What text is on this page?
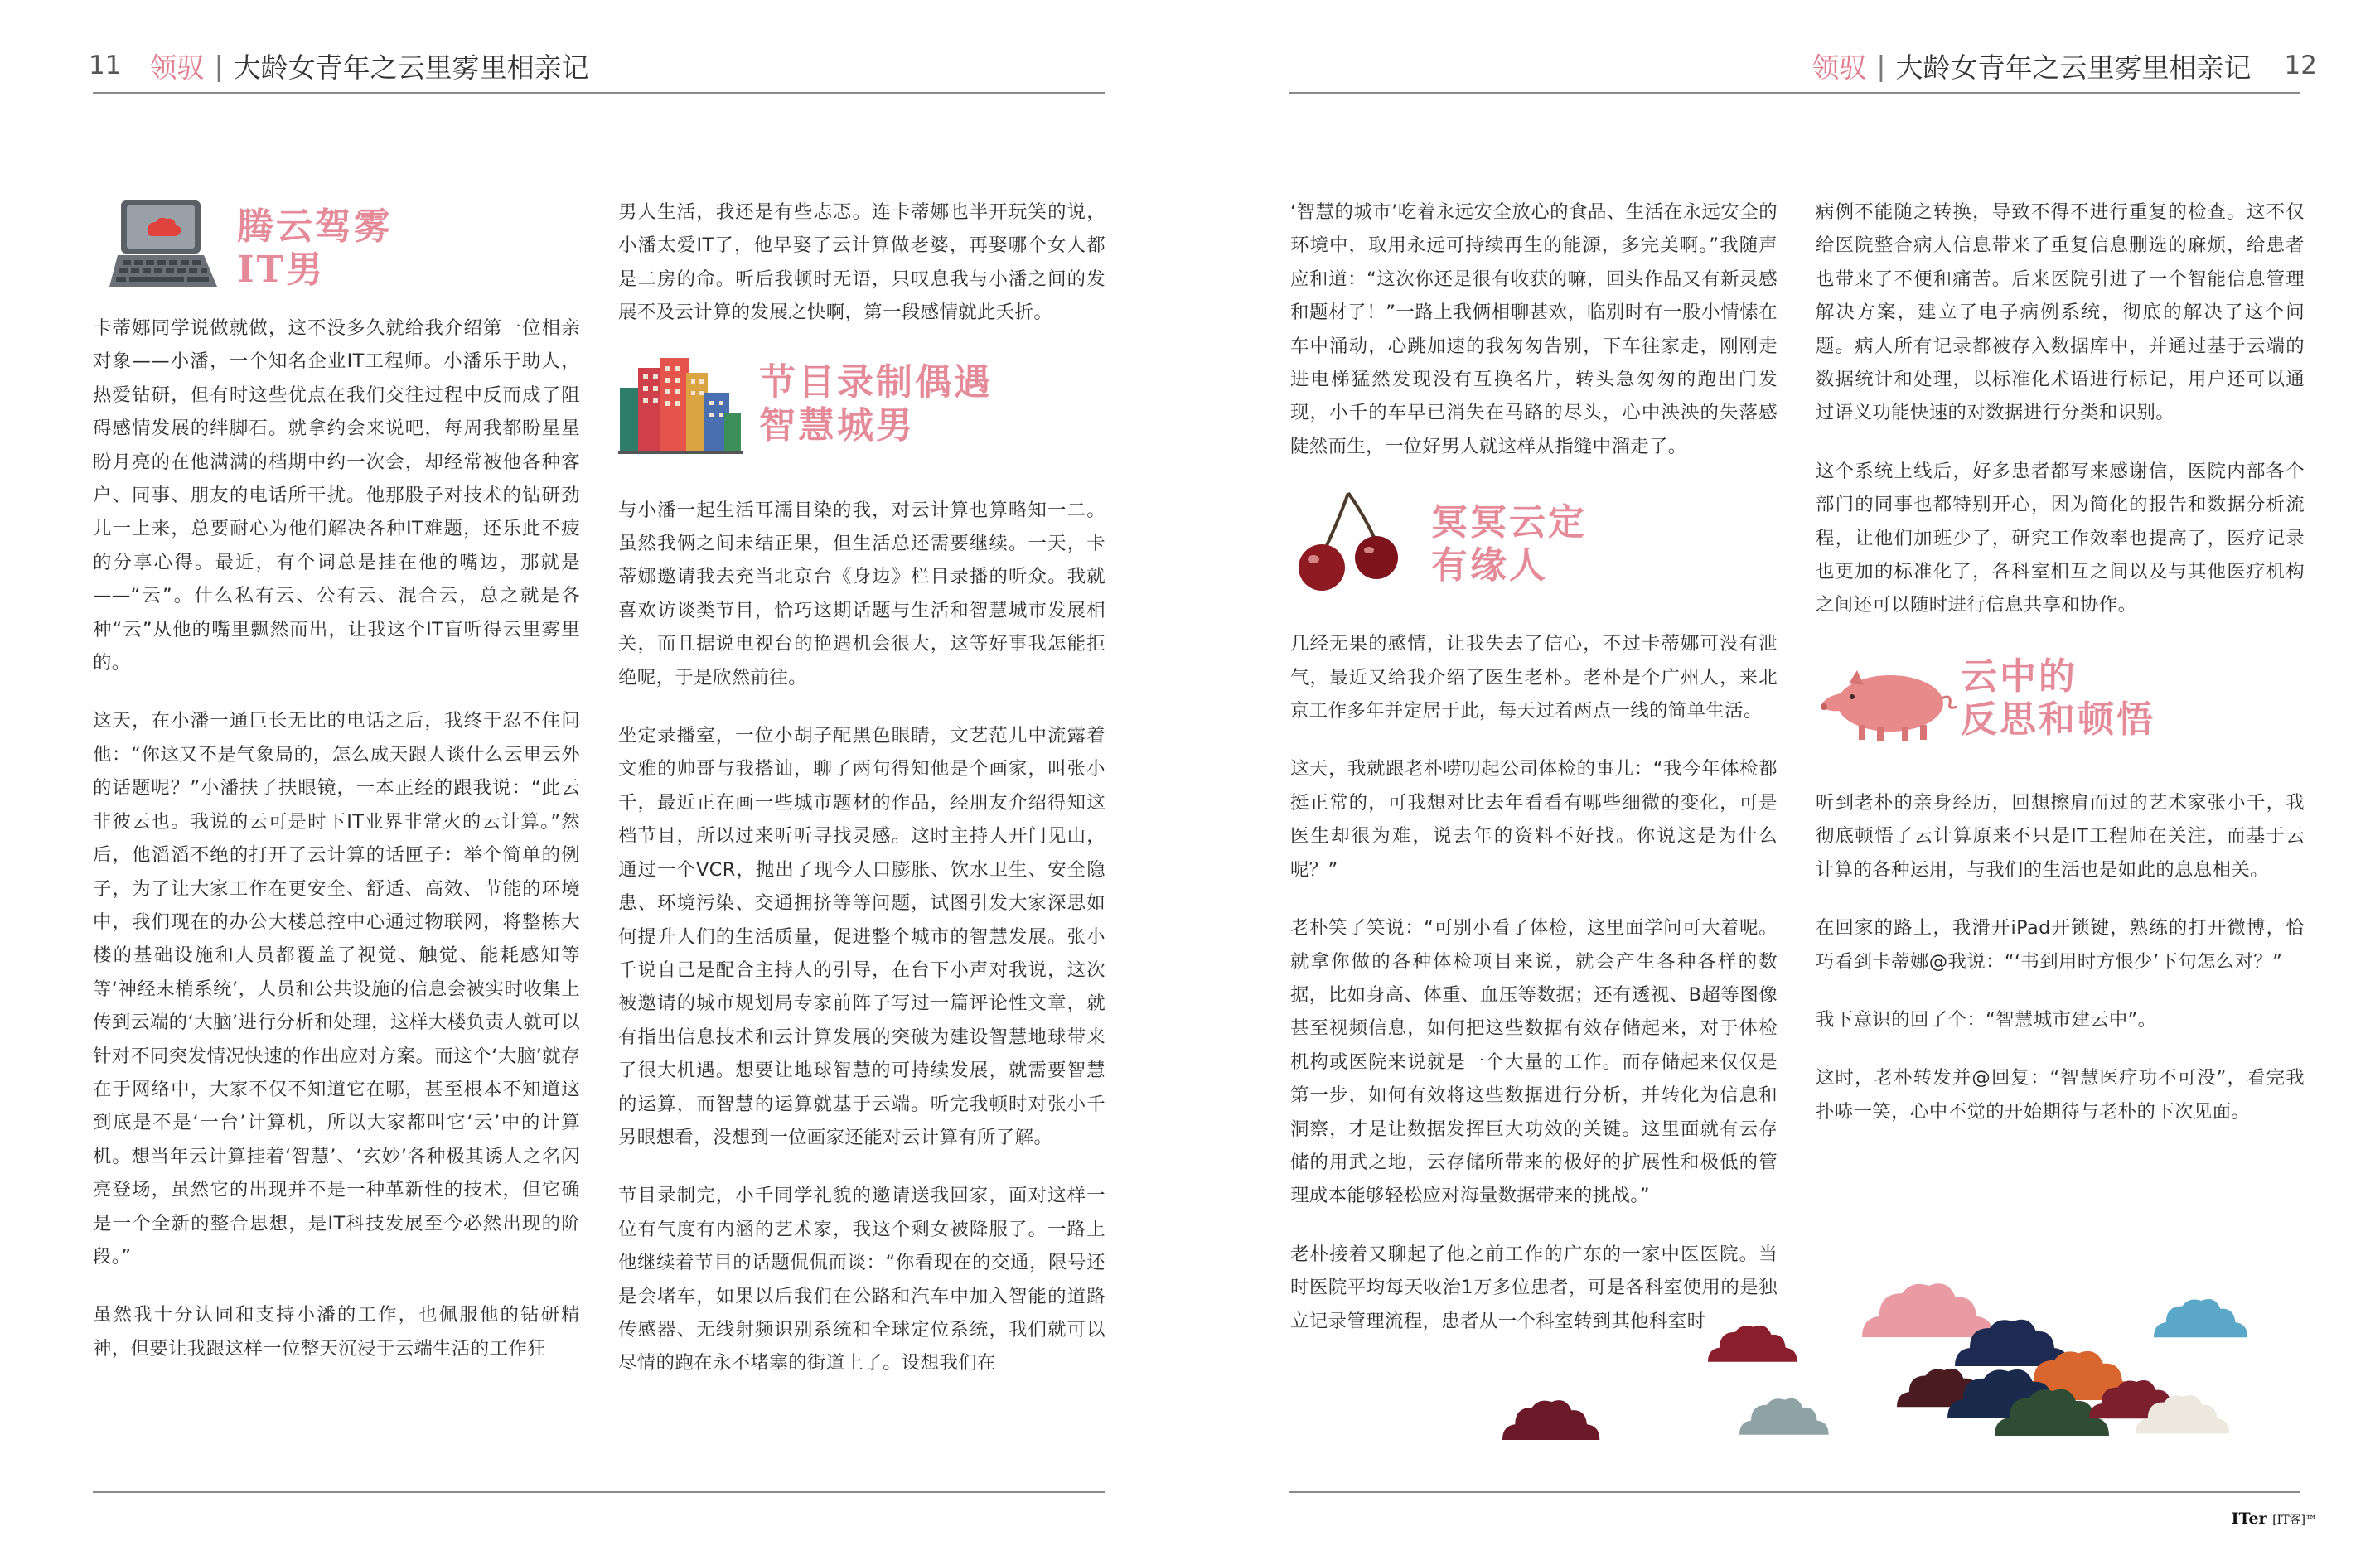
11 领驭 | 大龄女青年之云里雾里相亲记
腾云驾雾
IT男

卡蒂娜同学说做就做，这不没多久就给我介绍第一位相亲对象——小潘，一个知名企业IT工程师。小潘乐于助人，热爱钻研，但有时这些优点在我们交往过程中反而成了阻碍感情发展的绊脚石。就拿约会来说吧，每周我都盼星星盼月亮的在他满满的档期中约一次会，却经常被他各种客户、同事、朋友的电话所干扰。他那股子对技术的钻研劲儿一上来，总要耐心为他们解决各种IT难题，还乐此不疲的分享心得。最近，有个词总是挂在他的嘴边，那就是——“云”。什么私有云、公有云、混合云，总之就是各种“云”从他的嘴里飘然而出，让我这个IT盲听得云里雾里的。

这天，在小潘一通巨长无比的电话之后，我终于忍不住问他：“你这又不是气象局的，怎么成天跟人谈什么云里云外的话题呢？”小潘扶了扶眼镜，一本正经的跟我说：“此云非彼云也。我说的云可是时下IT业界非常火的云计算。”然后，他滔滔不绝的打开了云计算的话匣子：举个简单的例子，为了让大家工作在更安全、舒适、高效、节能的环境中，我们现在的办公大楼总控中心通过物联网，将整栋大楼的基础设施和人员都覆盖了视觉、触觉、能耗感知等等‘神经末梢系统’，人员和公共设施的信息会被实时收集上传到云端的‘大脑’进行分析和处理，这样大楼负责人就可以针对不同突发情况快速的作出应对方案。而这个‘大脑’就存在于网络中，大家不仅不知道它在哪，甚至根本不知道这到底是不是‘一台’计算机，所以大家都叫它‘云’中的计算机。想当年云计算挂着‘智慧’、‘玄妙’各种极其诱人之名闪亮登场，虽然它的出现并不是一种革新性的技术，但它确是一个全新的整合思想，是IT科技发展至今必然出现的阶段。”

虽然我十分认同和支持小潘的工作，也佩服他的钻研精神，但要让我跟这样一位整天沉浸于云端生活的工作狂

男人生活，我还是有些忐忑。连卡蒂娜也半开玩笑的说，小潘太爱IT了，他早娶了云计算做老婆，再娶哪个女人都是二房的命。听后我顿时无语，只叹息我与小潘之间的发展不及云计算的发展之快啊，第一段感情就此夭折。

节目录制偶遇
智慧城男

与小潘一起生活耳濡目染的我，对云计算也算略知一二。虽然我俩之间未结正果，但生活总还需要继续。一天，卡蒂娜邀请我去充当北京台《身边》栏目录播的听众。我就喜欢访谈类节目，恰巧这期话题与生活和智慧城市发展相关，而且据说电视台的艳遇机会很大，这等好事我怎能拒绝呢，于是欣然前往。

坐定录播室，一位小胡子配黑色眼睛，文艺范儿中流露着文雅的帅哥与我搭讪，聊了两句得知他是个画家，叫张小千，最近正在画一些城市题材的作品，经朋友介绍得知这档节目，所以过来听听寻找灵感。这时主持人开门见山，通过一个VCR，抛出了现今人口膨胀、饮水卫生、安全隐患、环境污染、交通拥挤等等问题，试图引发大家深思如何提升人们的生活质量，促进整个城市的智慧发展。张小千说自己是配合主持人的引导，在台下小声对我说，这次被邀请的城市规划局专家前阵子写过一篇评论性文章，就有指出信息技术和云计算发展的突破为建设智慧地球带来了很大机遇。想要让地球智慧的可持续发展，就需要智慧的运算，而智慧的运算就基于云端。听完我顿时对张小千另眼想看，没想到一位画家还能对云计算有所了解。

节目录制完，小千同学礼貌的邀请送我回家，面对这样一位有气度有内涵的艺术家，我这个剩女被降服了。一路上他继续着节目的话题侃侃而谈：“你看现在的交通，限号还是会堵车，如果以后我们在公路和汽车中加入智能的道路传感器、无线射频识别系统和全球定位系统，我们就可以尽情的跑在永不堵塞的街道上了。设想我们在

领驭 | 大龄女青年之云里雾里相亲记 12

‘智慧的城市’吃着永远安全放心的食品、生活在永远安全的环境中，取用永远可持续再生的能源，多完美啊。”我随声应和道：“这次你还是很有收获的嘛，回头作品又有新灵感和题材了！”一路上我俩相聊甚欢，临别时有一股小情愫在车中涌动，心跳加速的我匆匆告别，下车往家走，刚刚走进电梯猛然发现没有互换名片，转头急匆匆的跑出门发现，小千的车早已消失在马路的尽头，心中泱泱的失落感陡然而生，一位好男人就这样从指缝中溜走了。

冥冥云定
有缘人

几经无果的感情，让我失去了信心，不过卡蒂娜可没有泄气，最近又给我介绍了医生老朴。老朴是个广州人，来北京工作多年并定居于此，每天过着两点一线的简单生活。

这天，我就跟老朴唠叨起公司体检的事儿：“我今年体检都挺正常的，可我想对比去年看看有哪些细微的变化，可是医生却很为难，说去年的资料不好找。你说这是为什么呢？”

老朴笑了笑说：“可别小看了体检，这里面学问可大着呢。就拿你做的各种体检项目来说，就会产生各种各样的数据，比如身高、体重、血压等数据；还有透视、B超等图像甚至视频信息，如何把这些数据有效存储起来，对于体检机构或医院来说就是一个大量的工作。而存储起来仅仅是第一步，如何有效将这些数据进行分析，并转化为信息和洞察，才是让数据发挥巨大功效的关键。这里面就有云存储的用武之地，云存储所带来的极好的扩展性和极低的管理成本能够轻松应对海量数据带来的挑战。”

老朴接着又聊起了他之前工作的广东的一家中医医院。当时医院平均每天收治1万多位患者，可是各科室使用的是独立记录管理流程，患者从一个科室转到其他科室时

病例不能随之转换，导致不得不进行重复的检查。这不仅给医院整合病人信息带来了重复信息删选的麻烦，给患者也带来了不便和痛苦。后来医院引进了一个智能信息管理解决方案，建立了电子病例系统，彻底的解决了这个问题。病人所有记录都被存入数据库中，并通过基于云端的数据统计和处理，以标准化术语进行标记，用户还可以通过语义功能快速的对数据进行分类和识别。

这个系统上线后，好多患者都写来感谢信，医院内部各个部门的同事也都特别开心，因为简化的报告和数据分析流程，让他们加班少了，研究工作效率也提高了，医疗记录也更加的标准化了，各科室相互之间以及与其他医疗机构之间还可以随时进行信息共享和协作。

云中的
反思和顿悟

听到老朴的亲身经历，回想擦肩而过的艺术家张小千，我彻底顿悟了云计算原来不只是IT工程师在关注，而基于云计算的各种运用，与我们的生活也是如此的息息相关。

在回家的路上，我滑开iPad开锁键，熟练的打开微博，恰巧看到卡蒂娜@我说：“‘书到用时方恨少’下句怎么对？”

我下意识的回了个：“智慧城市建云中”。

这时，老朴转发并@回复：“智慧医疗功不可没”，看完我扑哧一笑，心中不觉的开始期待与老朴的下次见面。

ITer [IT客]™
